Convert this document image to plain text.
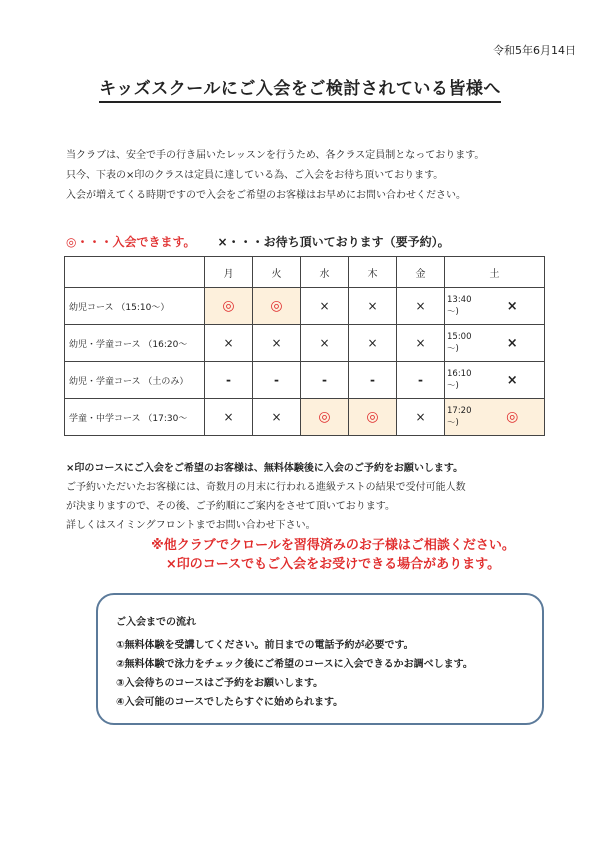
令和5年6月14日
キッズスクールにご入会をご検討されている皆様へ

当クラブは、安全で手の行き届いたレッスンを行うため、各クラス定員制となっております。

只今、下表の×印のクラスは定員に達している為、ご入会をお待ち頂いております。

入会が増えてくる時期ですので入会をご希望のお客様はお早めにお問い合わせください。

◎・・・入会できます。 ×・・・お待ち頂いております（要予約）。
	月	火	水	木	金	土	
幼児コース （15:10～）	◎	◎	×	×	×	13:40～)	×
幼児・学童コース （16:20～	×	×	×	×	×	15:00～)	×
幼児・学童コース （土のみ）	-	-	-	-	-	16:10～)	×
学童・中学コース （17:30～	×	×	◎	◎	×	17:20～)	◎

×印のコースにご入会をご希望のお客様は、無料体験後に入会のご予約をお願いします。

ご予約いただいたお客様には、奇数月の月末に行われる進級テストの結果で受付可能人数

が決まりますので、その後、ご予約順にご案内をさせて頂いております。

詳しくはスイミングフロントまでお問い合わせ下さい。

※他クラブでクロールを習得済みのお子様はご相談ください。

×印のコースでもご入会をお受けできる場合があります。

ご入会までの流れ

①無料体験を受講してください。前日までの電話予約が必要です。

②無料体験で泳力をチェック後にご希望のコースに入会できるかお調べします。

③入会待ちのコースはご予約をお願いします。

④入会可能のコースでしたらすぐに始められます。
